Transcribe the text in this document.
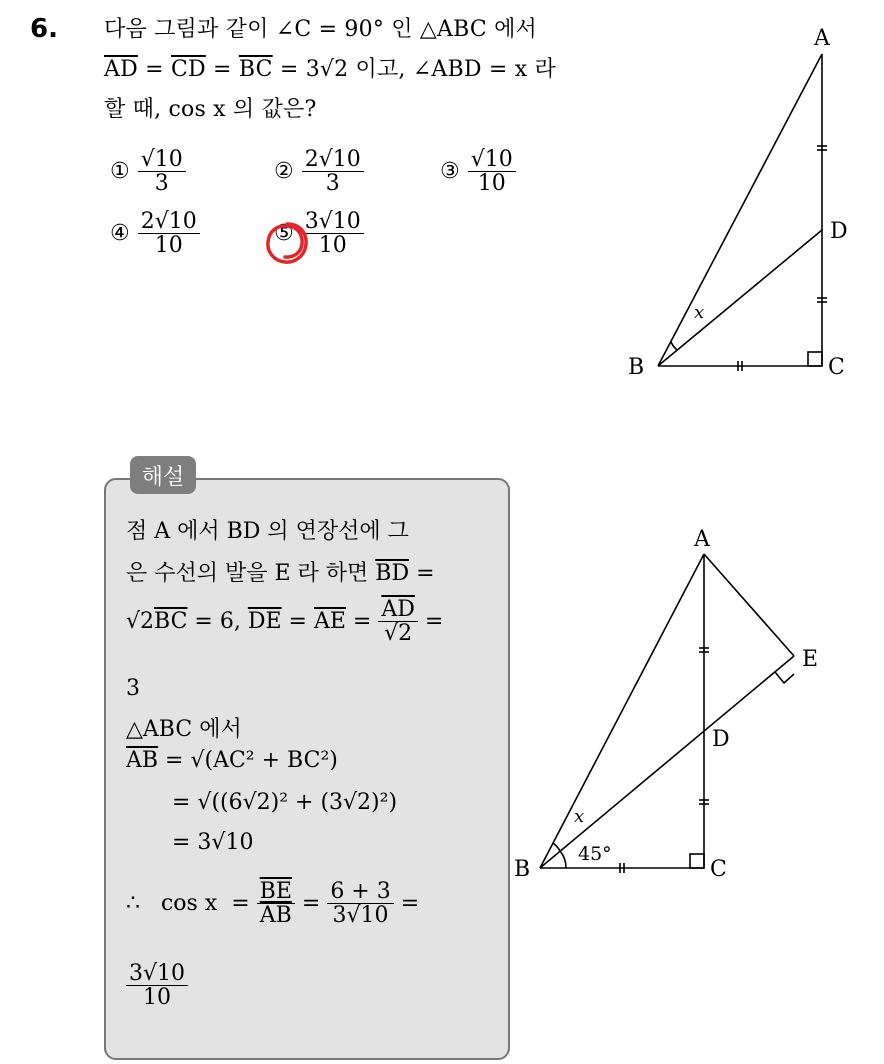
6. 다음 그림과 같이 ∠C = 90° 인 △ABC 에서
$\overline{AD} = \overline{CD} = \overline{BC} = 3√2$ 이고, ∠ABD = x 라
할 때, cos x 의 값은?
① $\frac{√10}{3}$	② $\frac{2√10}{3}$	③ $\frac{√10}{10}$
④ $\frac{2√10}{10}$	⑤ $\frac{3√10}{10}$
A
D
B	C
x
해설
점 A 에서 BD 의 연장선에 그
은 수선의 발을 E 라 하면 $\overline{BD}$ =
√2 $\overline{BC} = 6$, $\overline{DE} = \overline{AE} = \frac{\overline{AD}}{√2}$ =
3
△ABC 에서
$\overline{AB} = √(AC^2 + BC^2)$
= √((6√2)² + (3√2)²)
= 3√10
∴   $\cos x = \frac{\overline{BE}}{AB} = \frac{6 + 3}{3√10}$ =
$\frac{3√10}{10}$
A
E
D
B	C
x
45°
